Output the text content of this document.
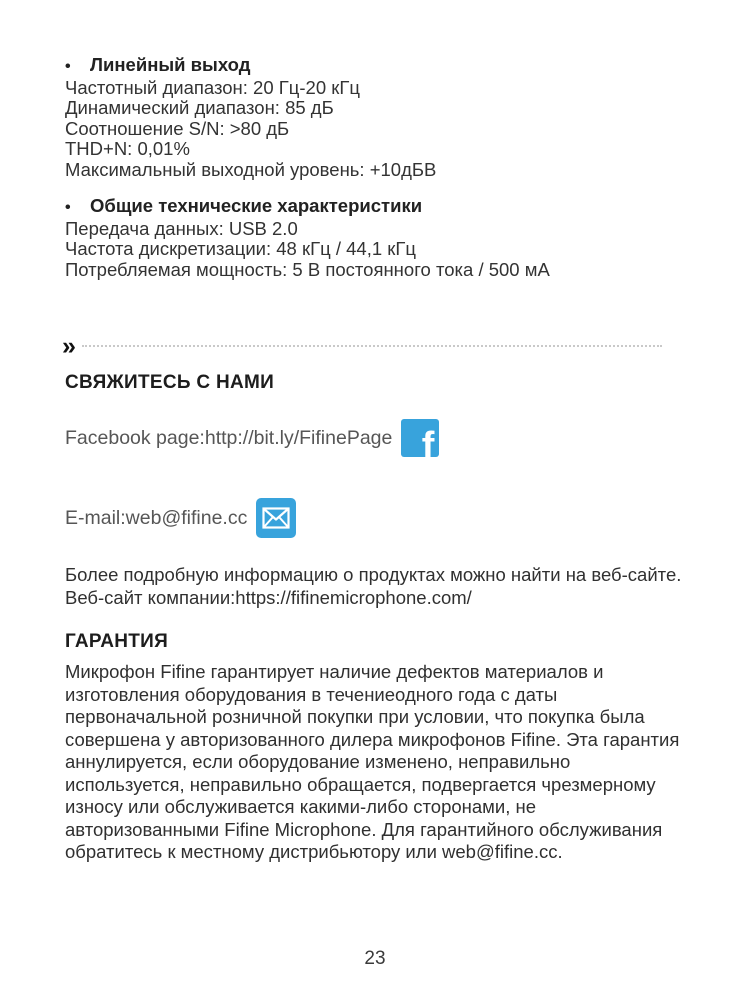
•	Линейный выход
Частотный диапазон: 20 Гц-20 кГц
Динамический диапазон: 85 дБ
Соотношение S/N: >80 дБ
THD+N: 0,01%
Максимальный выходной уровень: +10дБВ
•	Общие технические характеристики
Передача данных: USB 2.0
Частота дискретизации: 48 кГц / 44,1 кГц
Потребляемая мощность: 5 В постоянного тока / 500 мА
»
СВЯЖИТЕСЬ С НАМИ
Facebook page:http://bit.ly/FifinePage f
E-mail:web@fifine.cc
Более подробную информацию о продуктах можно найти на веб-сайте.
Веб-сайт компании:https://fifinemicrophone.com/
ГАРАНТИЯ
Микрофон Fifine гарантирует наличие дефектов материалов и
изготовления оборудования в течениеодного года с даты
первоначальной розничной покупки при условии, что покупка была
совершена у авторизованного дилера микрофонов Fifine. Эта гарантия
аннулируется, если оборудование изменено, неправильно
используется, неправильно обращается, подвергается чрезмерному
износу или обслуживается какими-либо сторонами, не
авторизованными Fifine Microphone. Для гарантийного обслуживания
обратитесь к местному дистрибьютору или web@fifine.cc.
23
